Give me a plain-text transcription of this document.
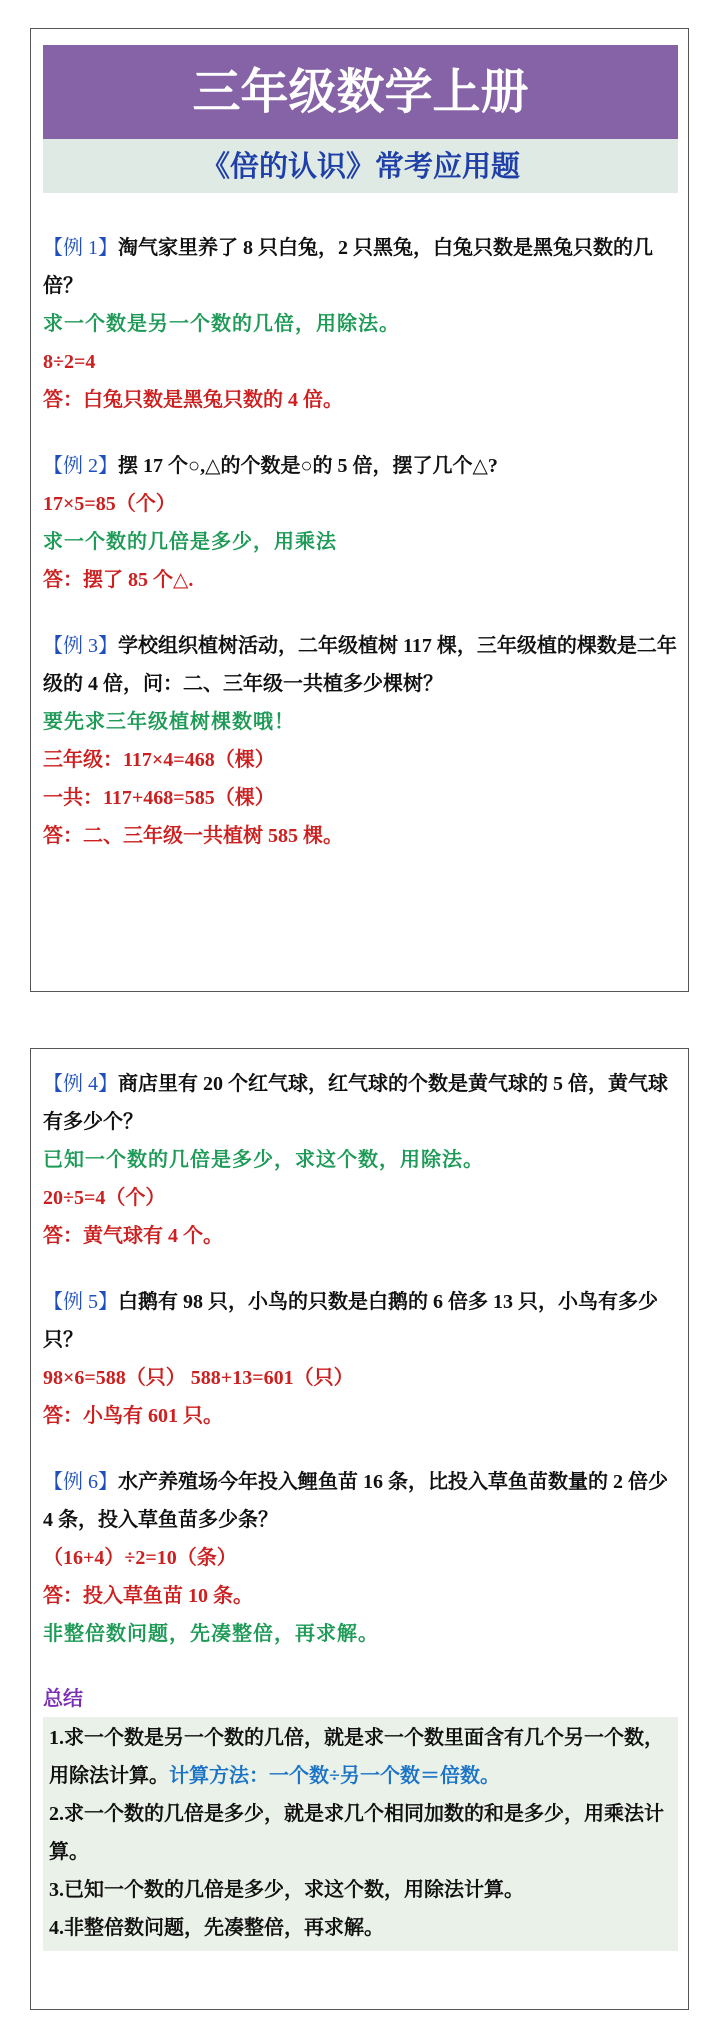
三年级数学上册
《倍的认识》常考应用题
【例 1】淘气家里养了 8 只白兔，2 只黑兔，白兔只数是黑兔只数的几倍？
求一个数是另一个数的几倍，用除法。
8÷2=4
答：白兔只数是黑兔只数的 4 倍。
【例 2】摆 17 个○,△的个数是○的 5 倍，摆了几个△?
17×5=85（个）
求一个数的几倍是多少，用乘法
答：摆了 85 个△.
【例 3】学校组织植树活动，二年级植树 117 棵，三年级植的棵数是二年级的 4 倍，问：二、三年级一共植多少棵树？
要先求三年级植树棵数哦！
三年级：117×4=468（棵）
一共：117+468=585（棵）
答：二、三年级一共植树 585 棵。
【例 4】商店里有 20 个红气球，红气球的个数是黄气球的 5 倍，黄气球有多少个？
已知一个数的几倍是多少，求这个数，用除法。
20÷5=4（个）
答：黄气球有 4 个。
【例 5】白鹅有 98 只，小鸟的只数是白鹅的 6 倍多 13 只，小鸟有多少只？
98×6=588（只） 588+13=601（只）
答：小鸟有 601 只。
【例 6】水产养殖场今年投入鲤鱼苗 16 条，比投入草鱼苗数量的 2 倍少 4 条，投入草鱼苗多少条？
（16+4）÷2=10（条）
答：投入草鱼苗 10 条。
非整倍数问题，先凑整倍，再求解。
总结
1.求一个数是另一个数的几倍，就是求一个数里面含有几个另一个数，用除法计算。计算方法：一个数÷另一个数＝倍数。
2.求一个数的几倍是多少，就是求几个相同加数的和是多少，用乘法计算。
3.已知一个数的几倍是多少，求这个数，用除法计算。
4.非整倍数问题，先凑整倍，再求解。
